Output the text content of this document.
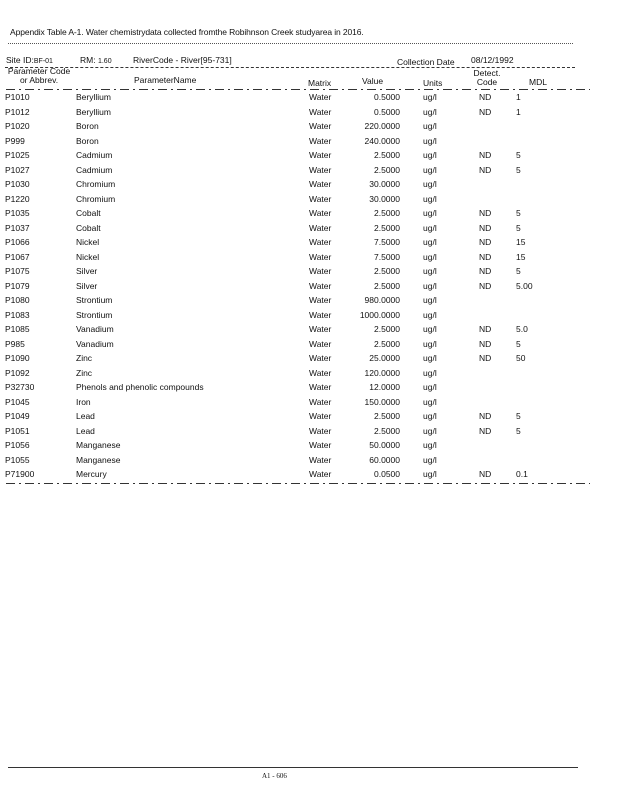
Appendix Table A-1. Water chemistrydata collected fromthe Robihnson Creek studyarea in 2016.
Site ID:BF-01	RM: 1.60	RiverCode - River[95-731]	Collection Date 08/12/1992
Parameter Code
or Abbrev.	ParameterName	Matrix	Value	Units
Detect.
Code	MDL
P1010	Beryllium	Water	0.5000	ug/l	ND	1
P1012	Beryllium	Water	0.5000	ug/l	ND	1
P1020	Boron	Water	220.0000	ug/l
P999	Boron	Water	240.0000	ug/l
P1025	Cadmium	Water	2.5000	ug/l	ND	5
P1027	Cadmium	Water	2.5000	ug/l	ND	5
P1030	Chromium	Water	30.0000	ug/l
P1220	Chromium	Water	30.0000	ug/l
P1035	Cobalt	Water	2.5000	ug/l	ND	5
P1037	Cobalt	Water	2.5000	ug/l	ND	5
P1066	Nickel	Water	7.5000	ug/l	ND	15
P1067	Nickel	Water	7.5000	ug/l	ND	15
P1075	Silver	Water	2.5000	ug/l	ND	5
P1079	Silver	Water	2.5000	ug/l	ND	5.00
P1080	Strontium	Water	980.0000	ug/l
P1083	Strontium	Water	1000.0000	ug/l
P1085	Vanadium	Water	2.5000	ug/l	ND	5.0
P985	Vanadium	Water	2.5000	ug/l	ND	5
P1090	Zinc	Water	25.0000	ug/l	ND	50
P1092	Zinc	Water	120.0000	ug/l
P32730	Phenols and phenolic compounds	Water	12.0000	ug/l
P1045	Iron	Water	150.0000	ug/l
P1049	Lead	Water	2.5000	ug/l	ND	5
P1051	Lead	Water	2.5000	ug/l	ND	5
P1056	Manganese	Water	50.0000	ug/l
P1055	Manganese	Water	60.0000	ug/l
P71900	Mercury	Water	0.0500	ug/l	ND	0.1
A1 - 606
